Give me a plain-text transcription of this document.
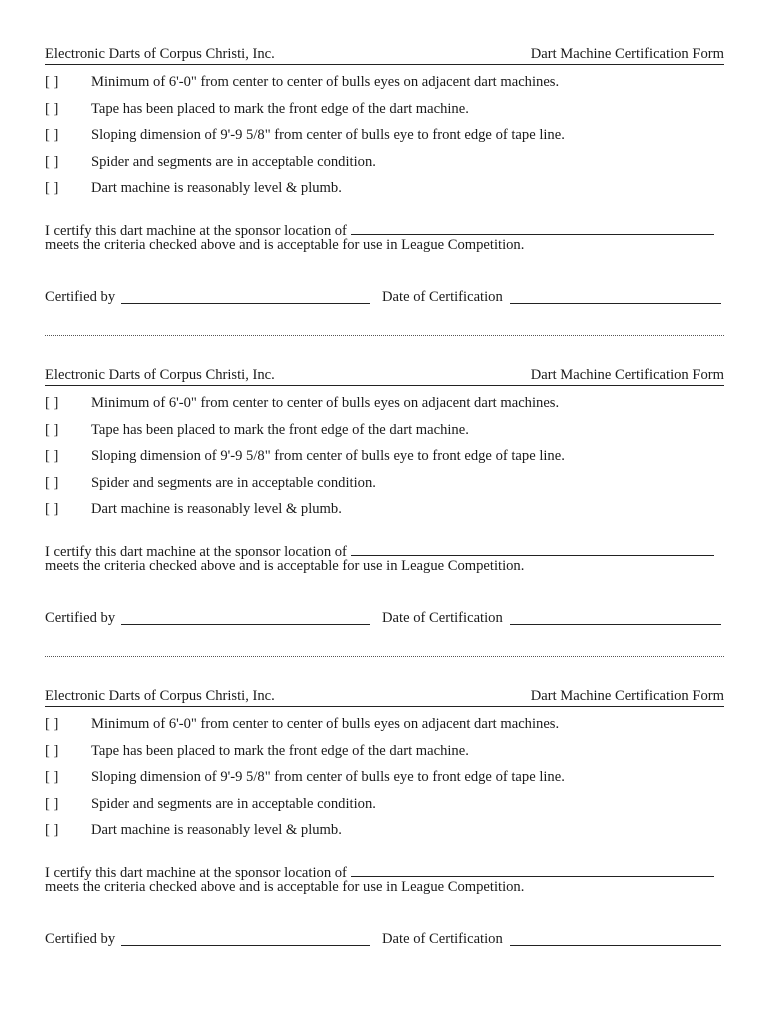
Electronic Darts of Corpus Christi, Inc.	Dart Machine Certification Form
[ ] Minimum of 6'-0" from center to center of bulls eyes on adjacent dart machines.
[ ] Tape has been placed to mark the front edge of the dart machine.
[ ] Sloping dimension of 9'-9 5/8" from center of bulls eye to front edge of tape line.
[ ] Spider and segments are in acceptable condition.
[ ] Dart machine is reasonably level & plumb.
I certify this dart machine at the sponsor location of
meets the criteria checked above and is acceptable for use in League Competition.
Certified by	Date of Certification
Electronic Darts of Corpus Christi, Inc.	Dart Machine Certification Form
[ ] Minimum of 6'-0" from center to center of bulls eyes on adjacent dart machines.
[ ] Tape has been placed to mark the front edge of the dart machine.
[ ] Sloping dimension of 9'-9 5/8" from center of bulls eye to front edge of tape line.
[ ] Spider and segments are in acceptable condition.
[ ] Dart machine is reasonably level & plumb.
I certify this dart machine at the sponsor location of
meets the criteria checked above and is acceptable for use in League Competition.
Certified by	Date of Certification
Electronic Darts of Corpus Christi, Inc.	Dart Machine Certification Form
[ ] Minimum of 6'-0" from center to center of bulls eyes on adjacent dart machines.
[ ] Tape has been placed to mark the front edge of the dart machine.
[ ] Sloping dimension of 9'-9 5/8" from center of bulls eye to front edge of tape line.
[ ] Spider and segments are in acceptable condition.
[ ] Dart machine is reasonably level & plumb.
I certify this dart machine at the sponsor location of
meets the criteria checked above and is acceptable for use in League Competition.
Certified by	Date of Certification
